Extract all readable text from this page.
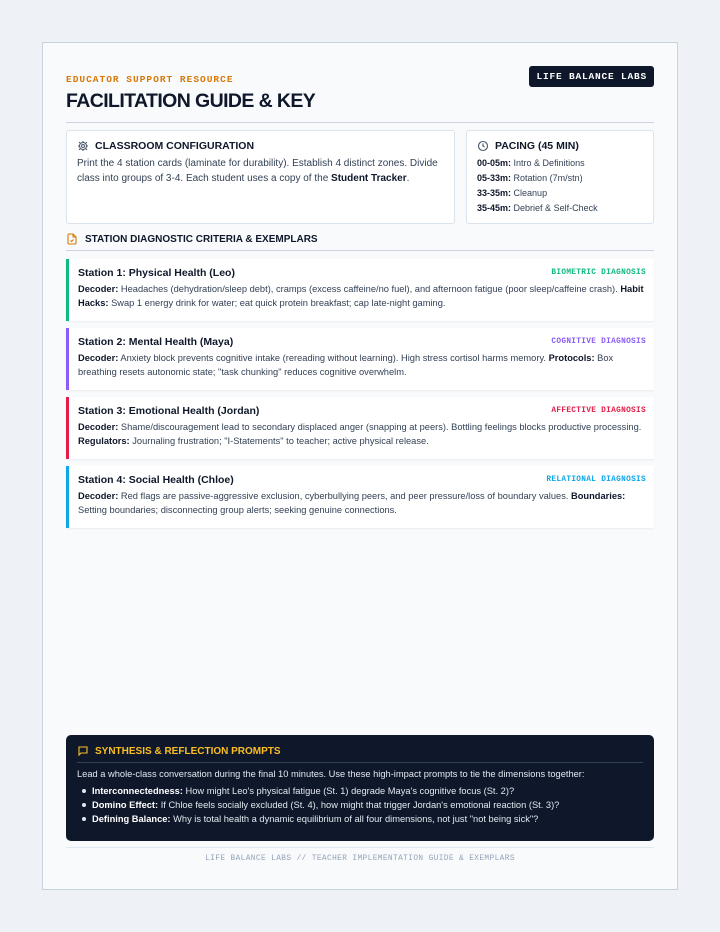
LIFE BALANCE LABS
EDUCATOR SUPPORT RESOURCE
FACILITATION GUIDE & KEY
CLASSROOM CONFIGURATION
Print the 4 station cards (laminate for durability). Establish 4 distinct zones. Divide class into groups of 3-4. Each student uses a copy of the Student Tracker.
PACING (45 MIN)
00-05m: Intro & Definitions
05-33m: Rotation (7m/stn)
33-35m: Cleanup
35-45m: Debrief & Self-Check
STATION DIAGNOSTIC CRITERIA & EXEMPLARS
Station 1: Physical Health (Leo)	BIOMETRIC DIAGNOSIS
Decoder: Headaches (dehydration/sleep debt), cramps (excess caffeine/no fuel), and afternoon fatigue (poor sleep/caffeine crash). Habit Hacks: Swap 1 energy drink for water; eat quick protein breakfast; cap late-night gaming.
Station 2: Mental Health (Maya)	COGNITIVE DIAGNOSIS
Decoder: Anxiety block prevents cognitive intake (rereading without learning). High stress cortisol harms memory. Protocols: Box breathing resets autonomic state; "task chunking" reduces cognitive overwhelm.
Station 3: Emotional Health (Jordan)	AFFECTIVE DIAGNOSIS
Decoder: Shame/discouragement lead to secondary displaced anger (snapping at peers). Bottling feelings blocks productive processing. Regulators: Journaling frustration; "I-Statements" to teacher; active physical release.
Station 4: Social Health (Chloe)	RELATIONAL DIAGNOSIS
Decoder: Red flags are passive-aggressive exclusion, cyberbullying peers, and peer pressure/loss of boundary values. Boundaries: Setting boundaries; disconnecting group alerts; seeking genuine connections.
SYNTHESIS & REFLECTION PROMPTS
Lead a whole-class conversation during the final 10 minutes. Use these high-impact prompts to tie the dimensions together:
Interconnectedness: How might Leo's physical fatigue (St. 1) degrade Maya's cognitive focus (St. 2)?
Domino Effect: If Chloe feels socially excluded (St. 4), how might that trigger Jordan's emotional reaction (St. 3)?
Defining Balance: Why is total health a dynamic equilibrium of all four dimensions, not just "not being sick"?
LIFE BALANCE LABS // TEACHER IMPLEMENTATION GUIDE & EXEMPLARS
